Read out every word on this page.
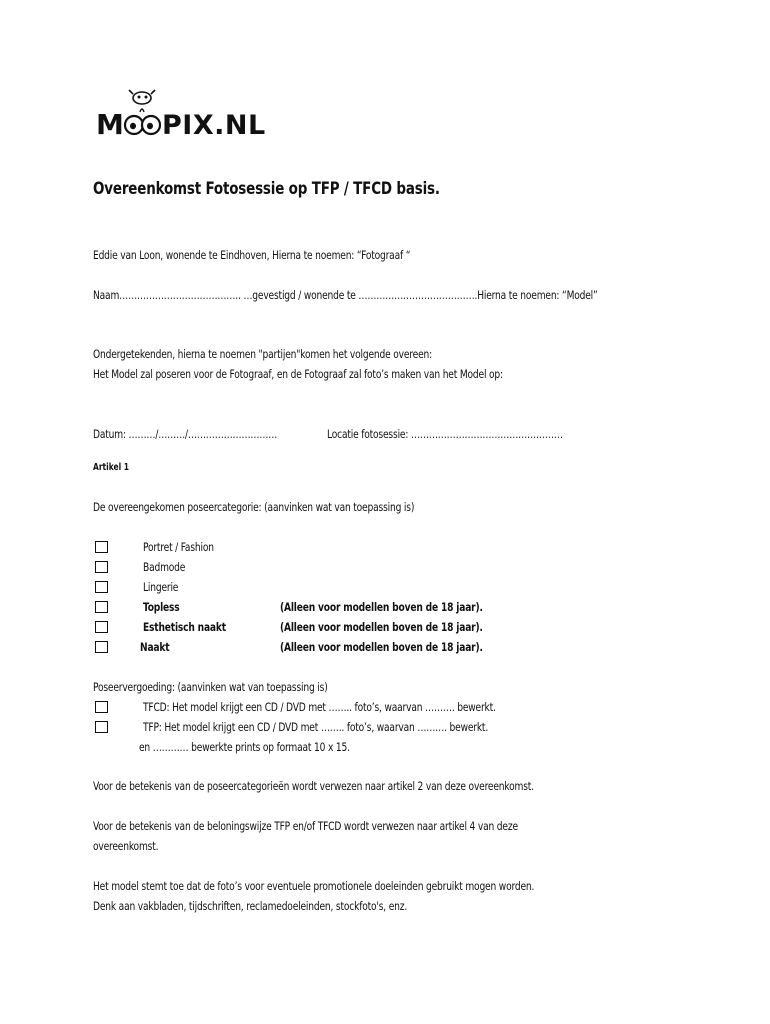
M PIX.NL
Overeenkomst Fotosessie op TFP / TFCD basis.
Eddie van Loon, wonende te Eindhoven, Hierna te noemen: “Fotograaf “
Naam………………………………….. …gevestigd / wonende te ………………………………….Hierna te noemen: “Model”
Ondergetekenden, hierna te noemen "partijen"komen het volgende overeen:
Het Model zal poseren voor de Fotograaf, en de Fotograaf zal foto’s maken van het Model op:
Datum: ………/………/…………………………	Locatie fotosessie: ……………………………………………
Artikel 1
De overeengekomen poseercategorie: (aanvinken wat van toepassing is)
Portret / Fashion
Badmode
Lingerie
Topless	(Alleen voor modellen boven de 18 jaar).
Esthetisch naakt	(Alleen voor modellen boven de 18 jaar).
Naakt	(Alleen voor modellen boven de 18 jaar).
Poseervergoeding: (aanvinken wat van toepassing is)
TFCD: Het model krijgt een CD / DVD met …….. foto’s, waarvan ………. bewerkt.
TFP: Het model krijgt een CD / DVD met …….. foto’s, waarvan ………. bewerkt.
en ………… bewerkte prints op formaat 10 x 15.
Voor de betekenis van de poseercategorieën wordt verwezen naar artikel 2 van deze overeenkomst.
Voor de betekenis van de beloningswijze TFP en/of TFCD wordt verwezen naar artikel 4 van deze
overeenkomst.
Het model stemt toe dat de foto’s voor eventuele promotionele doeleinden gebruikt mogen worden.
Denk aan vakbladen, tijdschriften, reclamedoeleinden, stockfoto's, enz.
